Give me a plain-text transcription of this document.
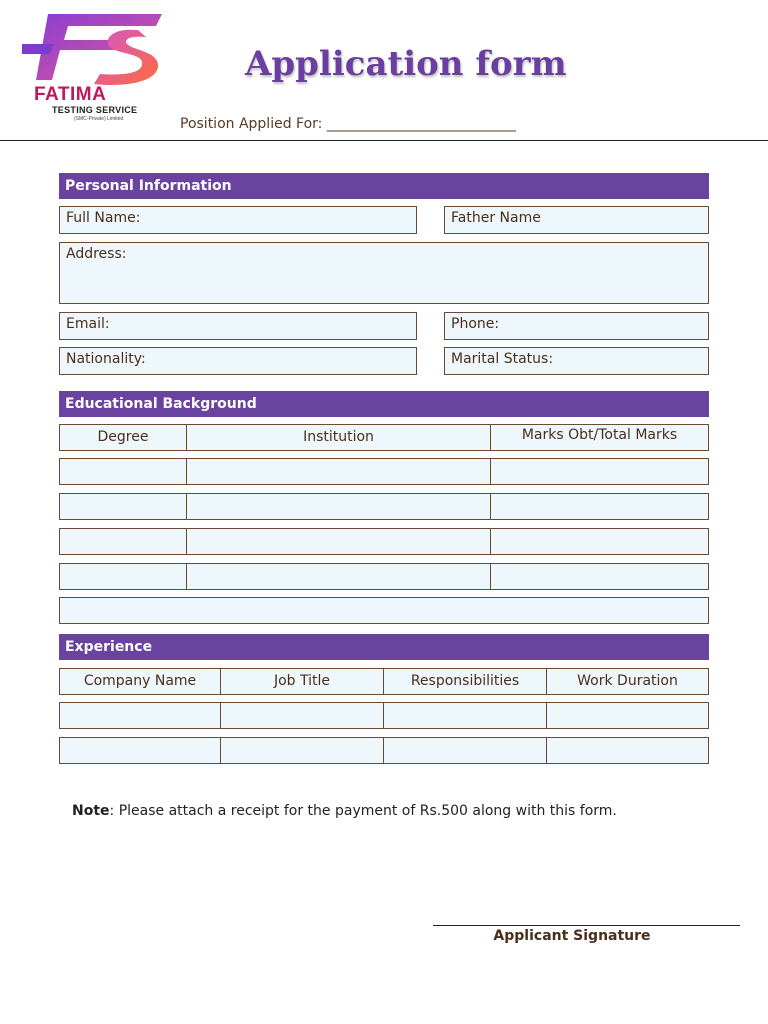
FATIMA
TESTING SERVICE
(SMC-Private) Limited
Application form
Position Applied For: ___________________________
Personal Information
Full Name:	Father Name
Address:
Email:	Phone:
Nationality:	Marital Status:
Educational Background
Degree	Institution	Marks Obt/Total Marks
Experience
Company Name	Job Title	Responsibilities	Work Duration
Note: Please attach a receipt for the payment of Rs.500 along with this form.
Applicant Signature
